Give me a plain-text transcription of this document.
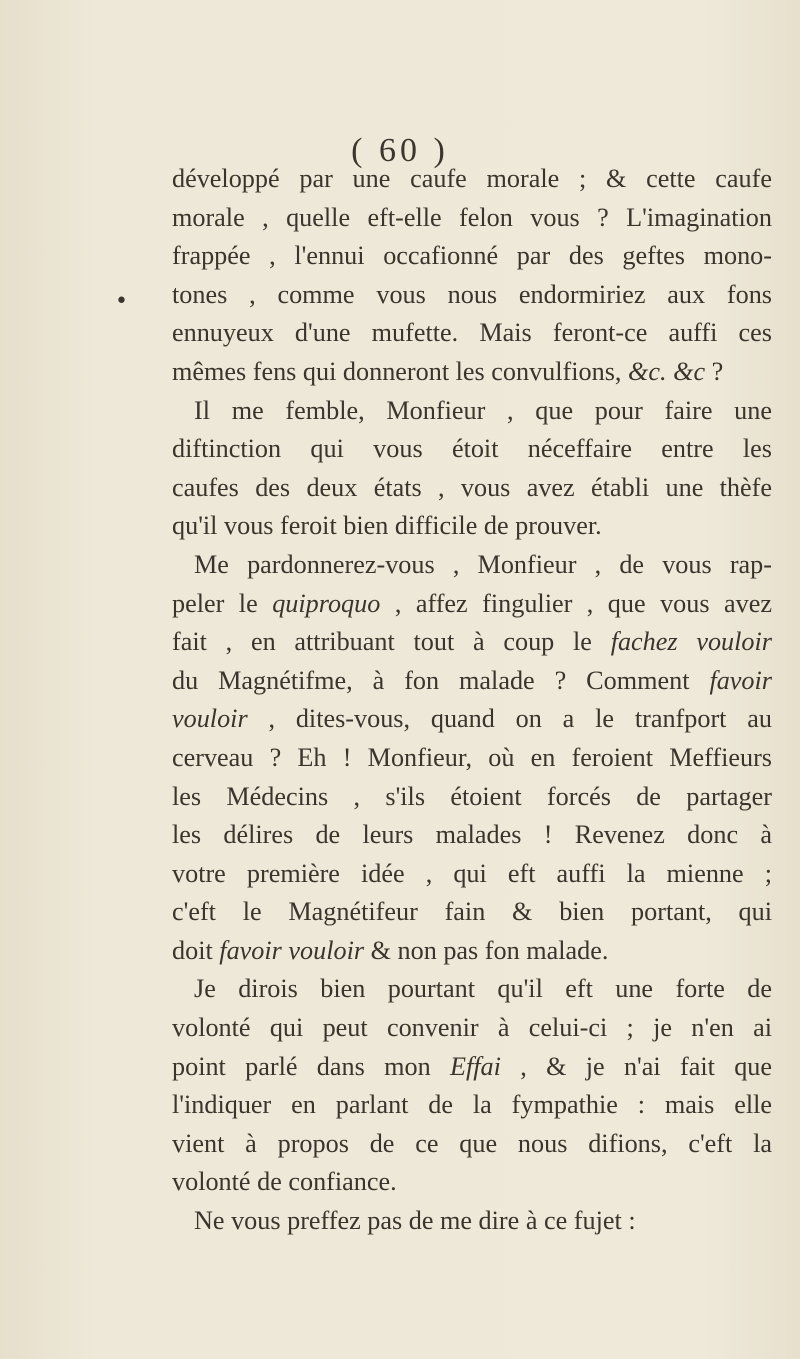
( 60 )
•
développé par une caufe morale ; & cette caufe
morale , quelle eft-elle felon vous ? L'imagination
frappée , l'ennui occafionné par des geftes mono-
tones , comme vous nous endormiriez aux fons
ennuyeux d'une mufette. Mais feront-ce auffi ces
mêmes fens qui donneront les convulfions, &c. &c ?
Il me femble, Monfieur , que pour faire une
diftinction qui vous étoit néceffaire entre les
caufes des deux états , vous avez établi une thèfe
qu'il vous feroit bien difficile de prouver.
Me pardonnerez-vous , Monfieur , de vous rap-
peler le quiproquo , affez fingulier , que vous avez
fait , en attribuant tout à coup le fachez vouloir
du Magnétifme, à fon malade ? Comment favoir
vouloir , dites-vous, quand on a le tranfport au
cerveau ? Eh ! Monfieur, où en feroient Meffieurs
les Médecins , s'ils étoient forcés de partager
les délires de leurs malades ! Revenez donc à
votre première idée , qui eft auffi la mienne ;
c'eft le Magnétifeur fain & bien portant, qui
doit favoir vouloir & non pas fon malade.
Je dirois bien pourtant qu'il eft une forte de
volonté qui peut convenir à celui-ci ; je n'en ai
point parlé dans mon Effai , & je n'ai fait que
l'indiquer en parlant de la fympathie : mais elle
vient à propos de ce que nous difions, c'eft la
volonté de confiance.
Ne vous preffez pas de me dire à ce fujet :
